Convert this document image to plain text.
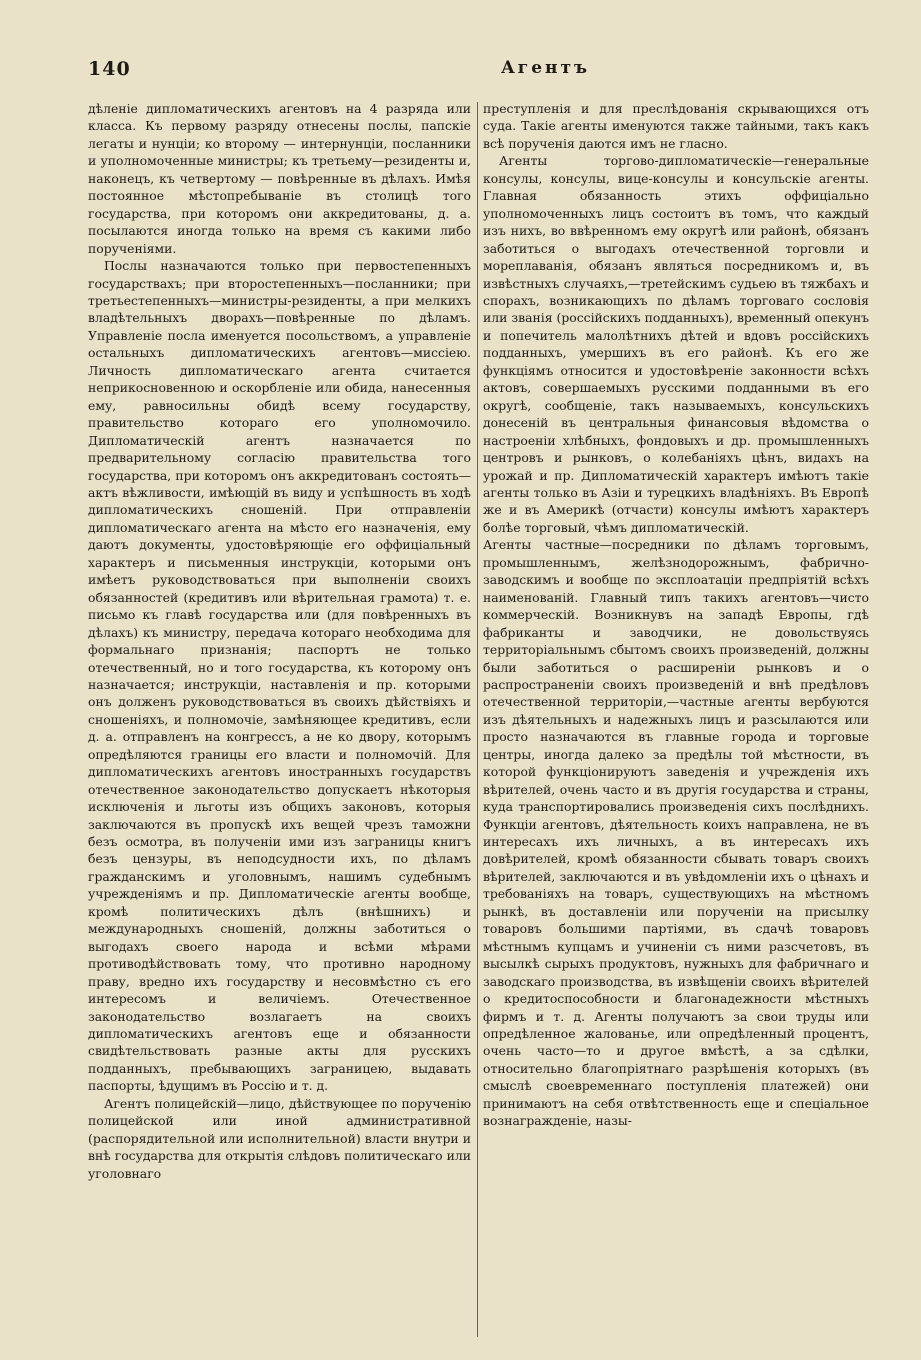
140	Агентъ

дѣленіе дипломатическихъ агентовъ на 4 разряда или класса. Къ первому разряду отнесены послы, папскіе легаты и нунціи; ко второму — интернунціи, посланники и уполномоченные министры; къ третьему—резиденты и, наконецъ, къ четвертому — повѣренные въ дѣлахъ. Имѣя постоянное мѣстопребываніе въ столицѣ того государства, при которомъ они аккредитованы, д. а. посылаются иногда только на время съ какими либо порученіями.

Послы назначаются только при первостепенныхъ государствахъ; при второстепенныхъ—посланники; при третьестепенныхъ—министры-резиденты, а при мелкихъ владѣтельныхъ дворахъ—повѣренные по дѣламъ. Управленіе посла именуется посольствомъ, а управленіе остальныхъ дипломатическихъ агентовъ—миссіею. Личность дипломатическаго агента считается неприкосновенною и оскорбленіе или обида, нанесенныя ему, равносильны обидѣ всему государству, правительство котораго его уполномочило. Дипломатическій агентъ назначается по предварительному согласію правительства того государства, при которомъ онъ аккредитованъ состоять—актъ вѣжливости, имѣющій въ виду и успѣшность въ ходѣ дипломатическихъ сношеній. При отправленіи дипломатическаго агента на мѣсто его назначенія, ему даютъ документы, удостовѣряющіе его оффиціальный характеръ и письменныя инструкціи, которыми онъ имѣетъ руководствоваться при выполненіи своихъ обязанностей (кредитивъ или вѣрительная грамота) т. е. письмо къ главѣ государства или (для повѣренныхъ въ дѣлахъ) къ министру, передача котораго необходима для формальнаго признанія; паспортъ не только отечественный, но и того государства, къ которому онъ назначается; инструкціи, наставленія и пр. которыми онъ долженъ руководствоваться въ своихъ дѣйствіяхъ и сношеніяхъ, и полномочіе, замѣняющее кредитивъ, если д. а. отправленъ на конгрессъ, а не ко двору, которымъ опредѣляются границы его власти и полномочій. Для дипломатическихъ агентовъ иностранныхъ государствъ отечественное законодательство допускаетъ нѣкоторыя исключенія и льготы изъ общихъ законовъ, которыя заключаются въ пропускѣ ихъ вещей чрезъ таможни безъ осмотра, въ полученіи ими изъ заграницы книгъ безъ цензуры, въ неподсудности ихъ, по дѣламъ гражданскимъ и уголовнымъ, нашимъ судебнымъ учрежденіямъ и пр. Дипломатическіе агенты вообще, кромѣ политическихъ дѣлъ (внѣшнихъ) и международныхъ сношеній, должны заботиться о выгодахъ своего народа и всѣми мѣрами противодѣйствовать тому, что противно народному праву, вредно ихъ государству и несовмѣстно съ его интересомъ и величіемъ. Отечественное законодательство возлагаетъ на своихъ дипломатическихъ агентовъ еще и обязанности свидѣтельствовать разные акты для русскихъ подданныхъ, пребывающихъ заграницею, выдавать паспорты, ѣдущимъ въ Россію и т. д.

Агентъ полицейскій—лицо, дѣйствующее по порученію полицейской или иной административной (распорядительной или исполнительной) власти внутри и внѣ государства для открытія слѣдовъ политическаго или уголовнаго

преступленія и для преслѣдованія скрывающихся отъ суда. Такіе агенты именуются также тайными, такъ какъ всѣ порученія даются имъ не гласно.

Агенты торгово-дипломатическіе—генеральные консулы, консулы, вице-консулы и консульскіе агенты. Главная обязанность этихъ оффиціально уполномоченныхъ лицъ состоитъ въ томъ, что каждый изъ нихъ, во ввѣренномъ ему округѣ или районѣ, обязанъ заботиться о выгодахъ отечественной торговли и мореплаванія, обязанъ являться посредникомъ и, въ извѣстныхъ случаяхъ,—третейскимъ судьею въ тяжбахъ и спорахъ, возникающихъ по дѣламъ торговаго сословія или званія (россійскихъ подданныхъ), временный опекунъ и попечитель малолѣтнихъ дѣтей и вдовъ россійскихъ подданныхъ, умершихъ въ его районѣ. Къ его же функціямъ относится и удостовѣреніе законности всѣхъ актовъ, совершаемыхъ русскими подданными въ его округѣ, сообщеніе, такъ называемыхъ, консульскихъ донесеній въ центральныя финансовыя вѣдомства о настроеніи хлѣбныхъ, фондовыхъ и др. промышленныхъ центровъ и рынковъ, о колебаніяхъ цѣнъ, видахъ на урожай и пр. Дипломатическій характеръ имѣютъ такіе агенты только въ Азіи и турецкихъ владѣніяхъ. Въ Европѣ же и въ Америкѣ (отчасти) консулы имѣютъ характеръ болѣе торговый, чѣмъ дипломатическій.

Агенты частные—посредники по дѣламъ торговымъ, промышленнымъ, желѣзнодорожнымъ, фабрично-заводскимъ и вообще по эксплоатаціи предпріятій всѣхъ наименованій. Главный типъ такихъ агентовъ—чисто коммерческій. Возникнувъ на западѣ Европы, гдѣ фабриканты и заводчики, не довольствуясь территоріальнымъ сбытомъ своихъ произведеній, должны были заботиться о расширеніи рынковъ и о распространеніи своихъ произведеній и внѣ предѣловъ отечественной территоріи,—частные агенты вербуются изъ дѣятельныхъ и надежныхъ лицъ и разсылаются или просто назначаются въ главные города и торговые центры, иногда далеко за предѣлы той мѣстности, въ которой функціонируютъ заведенія и учрежденія ихъ вѣрителей, очень часто и въ другія государства и страны, куда транспортировались произведенія сихъ послѣднихъ. Функціи агентовъ, дѣятельность коихъ направлена, не въ интересахъ ихъ личныхъ, а въ интересахъ ихъ довѣрителей, кромѣ обязанности сбывать товаръ своихъ вѣрителей, заключаются и въ увѣдомленіи ихъ о цѣнахъ и требованіяхъ на товаръ, существующихъ на мѣстномъ рынкѣ, въ доставленіи или порученіи на присылку товаровъ большими партіями, въ сдачѣ товаровъ мѣстнымъ купцамъ и учиненіи съ ними разсчетовъ, въ высылкѣ сырыхъ продуктовъ, нужныхъ для фабричнаго и заводскаго производства, въ извѣщеніи своихъ вѣрителей о кредитоспособности и благонадежности мѣстныхъ фирмъ и т. д. Агенты получаютъ за свои труды или опредѣленное жалованье, или опредѣленный процентъ, очень часто—то и другое вмѣстѣ, а за сдѣлки, относительно благопріятнаго разрѣшенія которыхъ (въ смыслѣ своевременнаго поступленія платежей) они принимаютъ на себя отвѣтственность еще и спеціальное вознагражденіе, назы-
